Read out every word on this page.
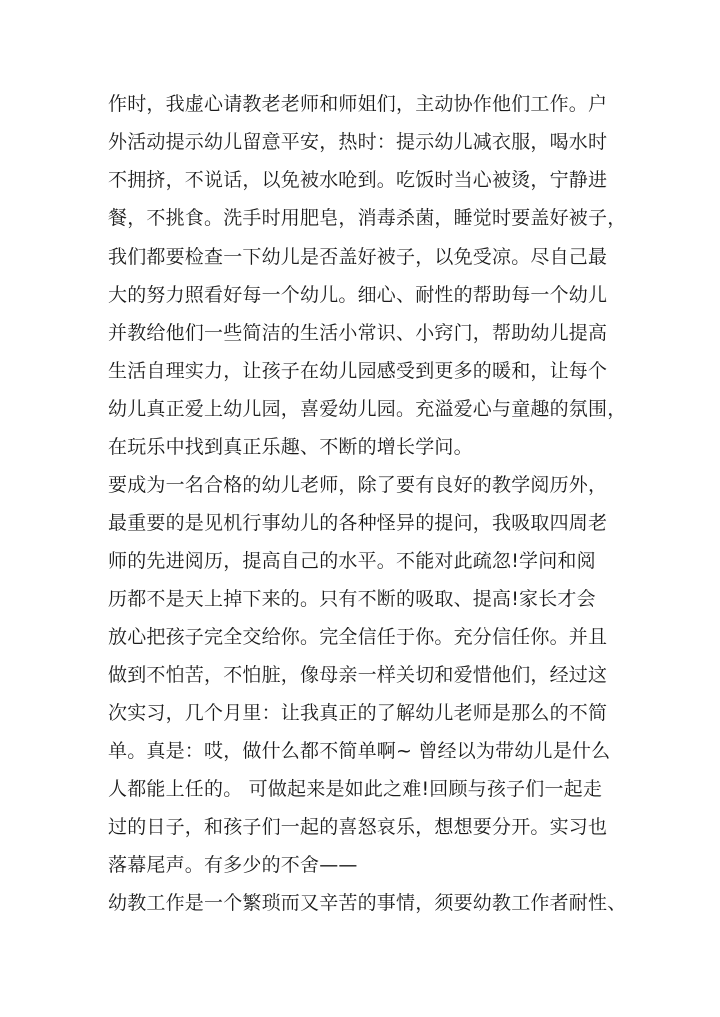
作时，我虚心请教老老师和师姐们，主动协作他们工作。户
外活动提示幼儿留意平安，热时：提示幼儿减衣服，喝水时
不拥挤，不说话，以免被水呛到。吃饭时当心被烫，宁静进
餐，不挑食。洗手时用肥皂，消毒杀菌，睡觉时要盖好被子，
我们都要检查一下幼儿是否盖好被子，以免受凉。尽自己最
大的努力照看好每一个幼儿。细心、耐性的帮助每一个幼儿
并教给他们一些简洁的生活小常识、小窍门，帮助幼儿提高
生活自理实力，让孩子在幼儿园感受到更多的暖和，让每个
幼儿真正爱上幼儿园，喜爱幼儿园。充溢爱心与童趣的氛围，
在玩乐中找到真正乐趣、不断的增长学问。
要成为一名合格的幼儿老师，除了要有良好的教学阅历外，
最重要的是见机行事幼儿的各种怪异的提问，我吸取四周老
师的先进阅历，提高自己的水平。不能对此疏忽!学问和阅
历都不是天上掉下来的。只有不断的吸取、提高!家长才会
放心把孩子完全交给你。完全信任于你。充分信任你。并且
做到不怕苦，不怕脏，像母亲一样关切和爱惜他们，经过这
次实习，几个月里：让我真正的了解幼儿老师是那么的不简
单。真是：哎，做什么都不简单啊~ 曾经以为带幼儿是什么
人都能上任的。 可做起来是如此之难!回顾与孩子们一起走
过的日子，和孩子们一起的喜怒哀乐，想想要分开。实习也
落幕尾声。有多少的不舍——
幼教工作是一个繁琐而又辛苦的事情，须要幼教工作者耐性、
